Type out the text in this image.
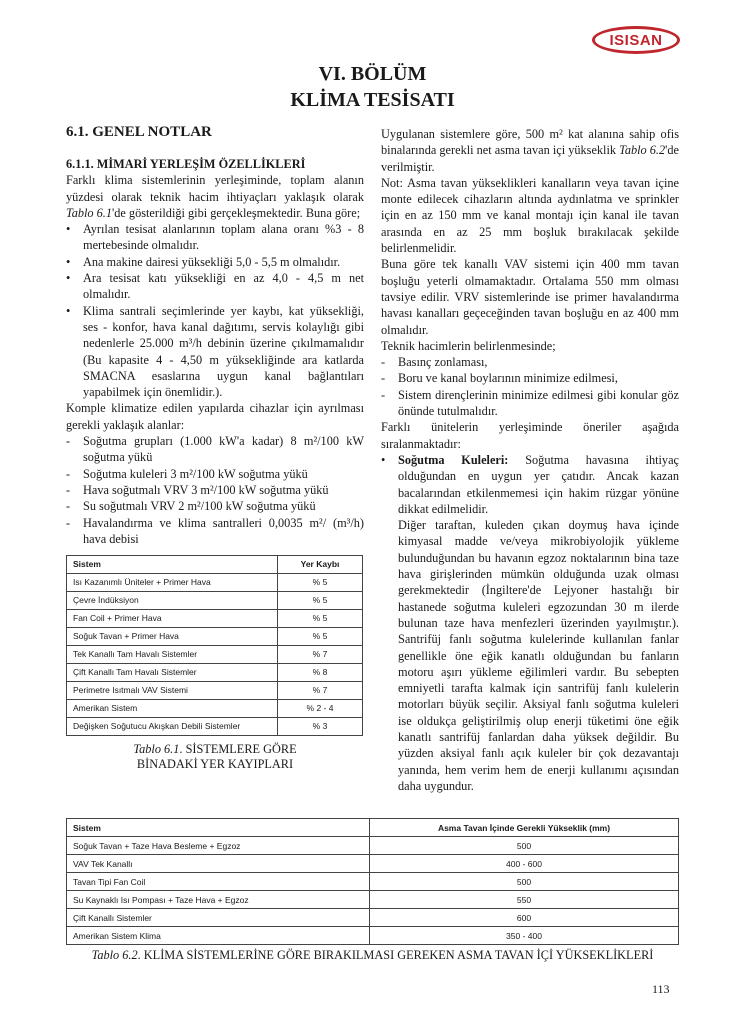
ISISAN
VI. BÖLÜM
KLİMA TESİSATI
6.1. GENEL NOTLAR
6.1.1. MİMARİ YERLEŞİM ÖZELLİKLERİ

Farklı klima sistemlerinin yerleşiminde, toplam alanın yüzdesi olarak teknik hacim ihtiyaçları yaklaşık olarak Tablo 6.1'de gösterildiği gibi gerçekleşmektedir. Buna göre;

• Ayrılan tesisat alanlarının toplam alana oranı %3 - 8 mertebesinde olmalıdır.
• Ana makine dairesi yüksekliği 5,0 - 5,5 m olmalıdır.
• Ara tesisat katı yüksekliği en az 4,0 - 4,5 m net olmalıdır.
• Klima santrali seçimlerinde yer kaybı, kat yüksekliği, ses - konfor, hava kanal dağıtımı, servis kolaylığı gibi nedenlerle 25.000 m³/h debinin üzerine çıkılmamalıdır (Bu kapasite 4 - 4,50 m yüksekliğinde ara katlarda SMACNA esaslarına uygun kanal bağlantıları yapabilmek için önemlidir.).

Komple klimatize edilen yapılarda cihazlar için ayrılması gerekli yaklaşık alanlar:

- Soğutma grupları (1.000 kW'a kadar) 8 m²/100 kW soğutma yükü
- Soğutma kuleleri 3 m²/100 kW soğutma yükü
- Hava soğutmalı VRV 3 m²/100 kW soğutma yükü
- Su soğutmalı VRV 2 m²/100 kW soğutma yükü
- Havalandırma ve klima santralleri 0,0035 m²/ (m³/h) hava debisi
Sistem	Yer Kaybı
Isı Kazanımlı Üniteler + Primer Hava	% 5
Çevre İndüksiyon	% 5
Fan Coil + Primer Hava	% 5
Soğuk Tavan + Primer Hava	% 5
Tek Kanallı Tam Havalı Sistemler	% 7
Çift Kanallı Tam Havalı Sistemler	% 8
Perimetre Isıtmalı VAV Sistemi	% 7
Amerikan Sistem	% 2 - 4
Değişken Soğutucu Akışkan Debili Sistemler	% 3
Tablo 6.1. SİSTEMLERE GÖRE
BİNADAKİ YER KAYIPLARI

Uygulanan sistemlere göre, 500 m² kat alanına sahip ofis binalarında gerekli net asma tavan içi yükseklik Tablo 6.2'de verilmiştir.

Not: Asma tavan yükseklikleri kanalların veya tavan içine monte edilecek cihazların altında aydınlatma ve sprinkler için en az 150 mm ve kanal montajı için kanal ile tavan arasında en az 25 mm boşluk bırakılacak şekilde belirlenmelidir.

Buna göre tek kanallı VAV sistemi için 400 mm tavan boşluğu yeterli olmamaktadır. Ortalama 550 mm olması tavsiye edilir. VRV sistemlerinde ise primer havalandırma havası kanalları geçeceğinden tavan boşluğu en az 400 mm olmalıdır.

Teknik hacimlerin belirlenmesinde;

- Basınç zonlaması,
- Boru ve kanal boylarının minimize edilmesi,
- Sistem dirençlerinin minimize edilmesi gibi konular göz önünde tutulmalıdır.

Farklı ünitelerin yerleşiminde öneriler aşağıda sıralanmaktadır:

• Soğutma Kuleleri: Soğutma havasına ihtiyaç olduğundan en uygun yer çatıdır. Ancak kazan bacalarından etkilenmemesi için hakim rüzgar yönüne dikkat edilmelidir.

Diğer taraftan, kuleden çıkan doymuş hava içinde kimyasal madde ve/veya mikrobiyolojik yükleme bulunduğundan bu havanın egzoz noktalarının bina taze hava girişlerinden mümkün olduğunda uzak olması gerekmektedir (İngiltere'de Lejyoner hastalığı bir hastanede soğutma kuleleri egzozundan 30 m ilerde bulunan taze hava menfezleri üzerinden yayılmıştır.). Santrifüj fanlı soğutma kulelerinde kullanılan fanlar genellikle öne eğik kanatlı olduğundan bu fanların motoru aşırı yükleme eğilimleri vardır. Bu sebepten emniyetli tarafta kalmak için santrifüj fanlı kulelerin motorları büyük seçilir. Aksiyal fanlı soğutma kuleleri ise oldukça geliştirilmiş olup enerji tüketimi öne eğik kanatlı santrifüj fanlardan daha yüksek değildir. Bu yüzden aksiyal fanlı açık kuleler bir çok dezavantajı yanında, hem verim hem de enerji kullanımı açısından daha uygundur.

Sistem	Asma Tavan İçinde Gerekli Yükseklik (mm)
Soğuk Tavan + Taze Hava Besleme + Egzoz	500
VAV Tek Kanallı	400 - 600
Tavan Tipi Fan Coil	500
Su Kaynaklı Isı Pompası + Taze Hava + Egzoz	550
Çift Kanallı Sistemler	600
Amerikan Sistem Klima	350 - 400
Tablo 6.2. KLİMA SİSTEMLERİNE GÖRE BIRAKILMASI GEREKEN ASMA TAVAN İÇİ YÜKSEKLİKLERİ
113
